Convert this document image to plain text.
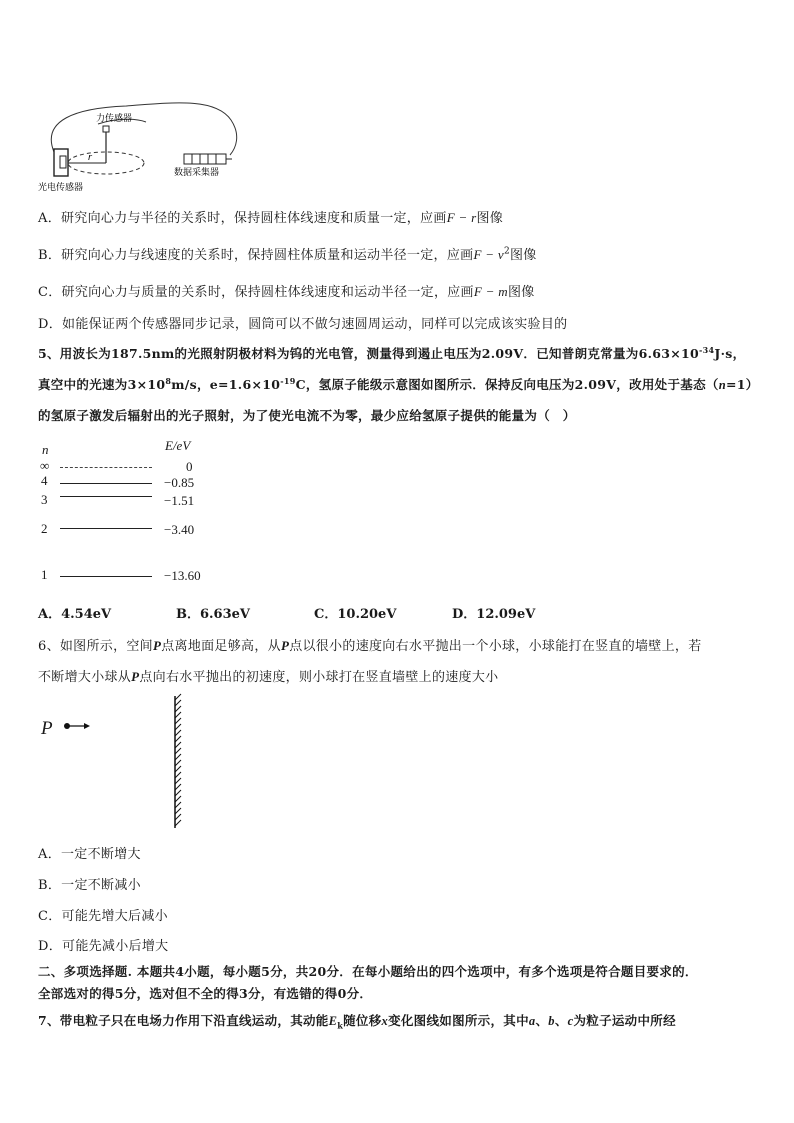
r
力传感器
数据采集器
光电传感器
A．研究向心力与半径的关系时，保持圆柱体线速度和质量一定，应画F − r图像
B．研究向心力与线速度的关系时，保持圆柱体质量和运动半径一定，应画$F - v^2$图像
C．研究向心力与质量的关系时，保持圆柱体线速度和运动半径一定，应画F − m图像
D．如能保证两个传感器同步记录，圆筒可以不做匀速圆周运动，同样可以完成该实验目的
5、用波长为187.5nm的光照射阴极材料为钨的光电管，测量得到遏止电压为2.09V．已知普朗克常量为$6.63\times 10^{-34}J\cdot s$，
真空中的光速为$3\times 10^8m/s$，$e=1.6\times 10^{-19}C$，氢原子能级示意图如图所示．保持反向电压为2.09V，改用处于基态（n=1）
的氢原子激发后辐射出的光子照射，为了使光电流不为零，最少应给氢原子提供的能量为（　）
n	E/eV
∞	0
4	−0.85
3	−1.51
2	−3.40
1	−13.60
A．4.54eV	B．6.63eV	C．10.20eV	D．12.09eV
6、如图所示，空间P点离地面足够高，从P点以很小的速度向右水平抛出一个小球，小球能打在竖直的墙壁上，若
不断增大小球从P点向右水平抛出的初速度，则小球打在竖直墙壁上的速度大小
P
A．一定不断增大
B．一定不断减小
C．可能先增大后减小
D．可能先减小后增大
二、多项选择题. 本题共4小题，每小题5分，共20分．在每小题给出的四个选项中，有多个选项是符合题目要求的．
全部选对的得5分，选对但不全的得3分，有选错的得0分．
7、带电粒子只在电场力作用下沿直线运动，其动能$E_k$随位移x变化图线如图所示，其中a、b、c为粒子运动中所经
